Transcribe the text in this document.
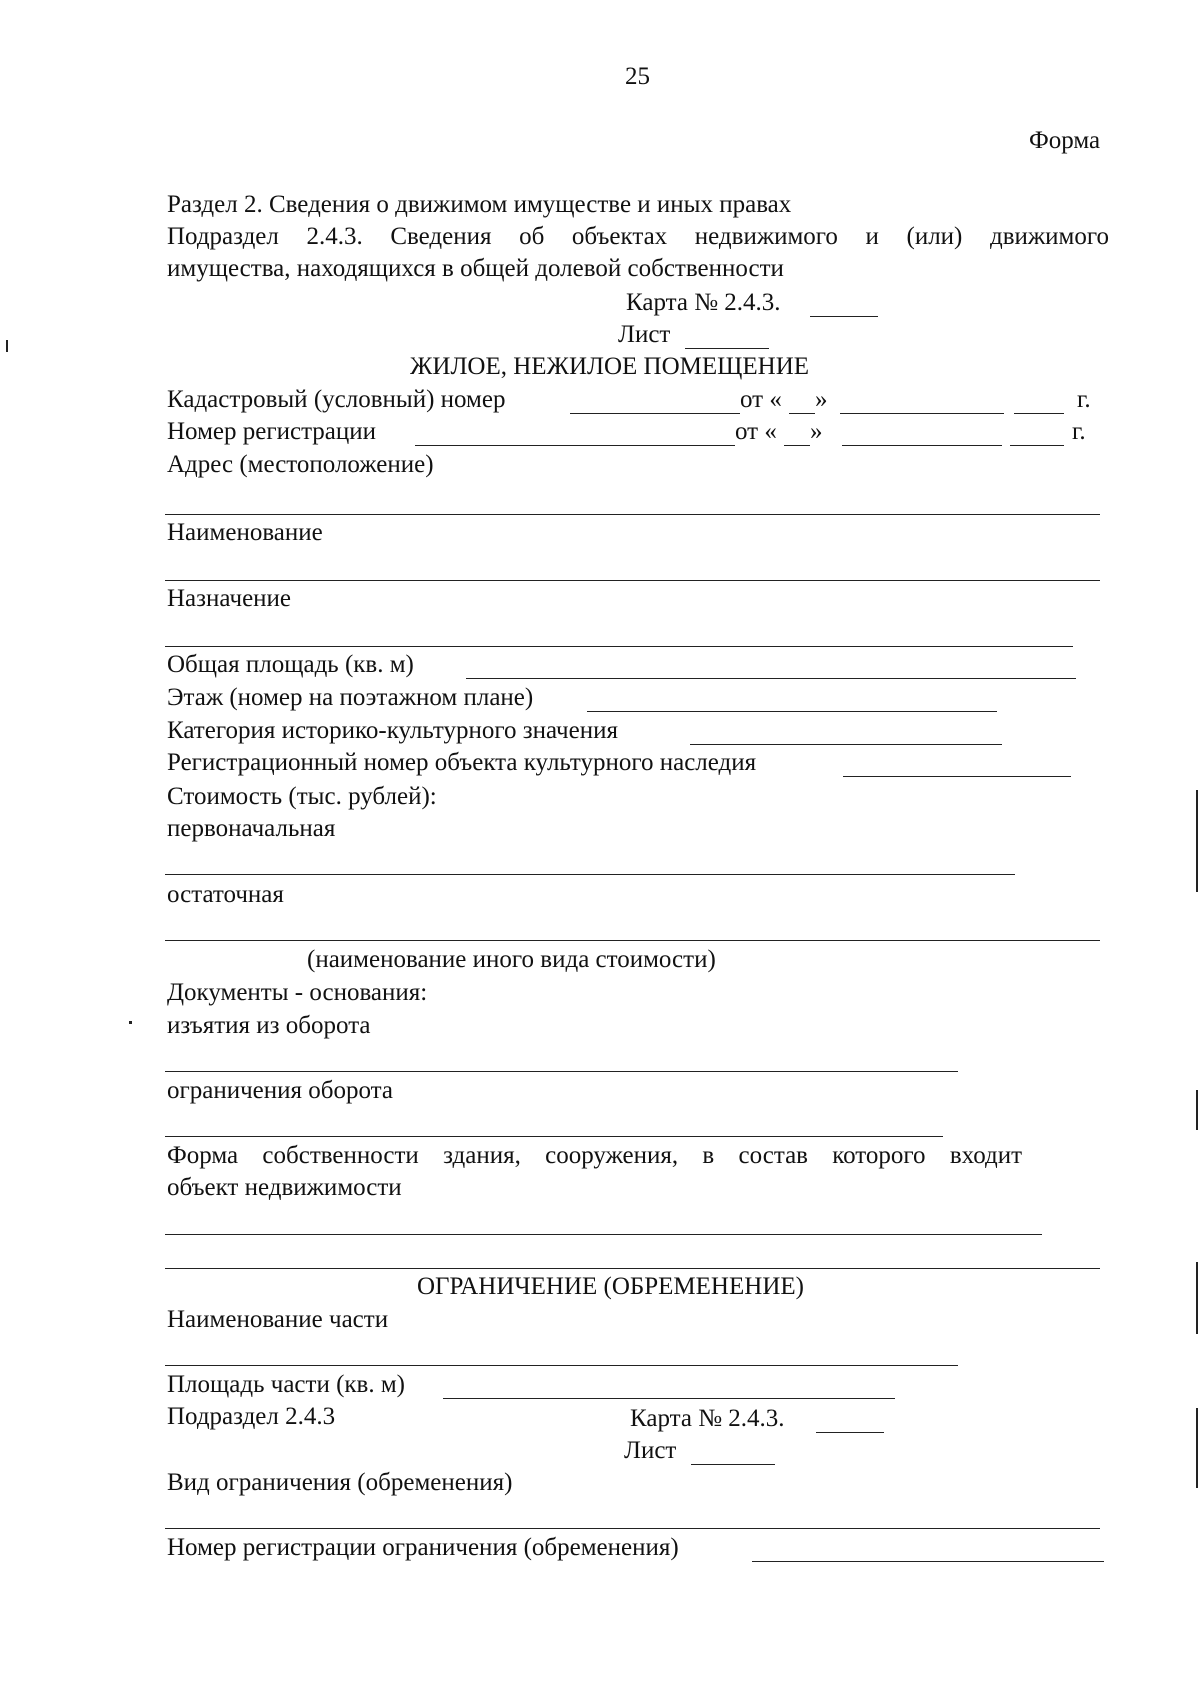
25
Форма
Раздел 2. Сведения о движимом имуществе и иных правах
Подраздел 2.4.3. Сведения об объектах недвижимого и (или) движимого
имущества, находящихся в общей долевой собственности
Карта № 2.4.3.
Лист
ЖИЛОЕ, НЕЖИЛОЕ ПОМЕЩЕНИЕ
Кадастровый (условный) номер	от « »	г.
Номер регистрации	от « »	г.
Адрес (местоположение)
Наименование
Назначение
Общая площадь (кв. м)
Этаж (номер на поэтажном плане)
Категория историко-культурного значения
Регистрационный номер объекта культурного наследия
Стоимость (тыс. рублей):
первоначальная
остаточная
(наименование иного вида стоимости)
Документы - основания:
изъятия из оборота
ограничения оборота
Форма собственности здания, сооружения, в состав которого входит
объект недвижимости
ОГРАНИЧЕНИЕ (ОБРЕМЕНЕНИЕ)
Наименование части
Площадь части (кв. м)
Подраздел 2.4.3	Карта № 2.4.3.
Лист
Вид ограничения (обременения)
Номер регистрации ограничения (обременения)
